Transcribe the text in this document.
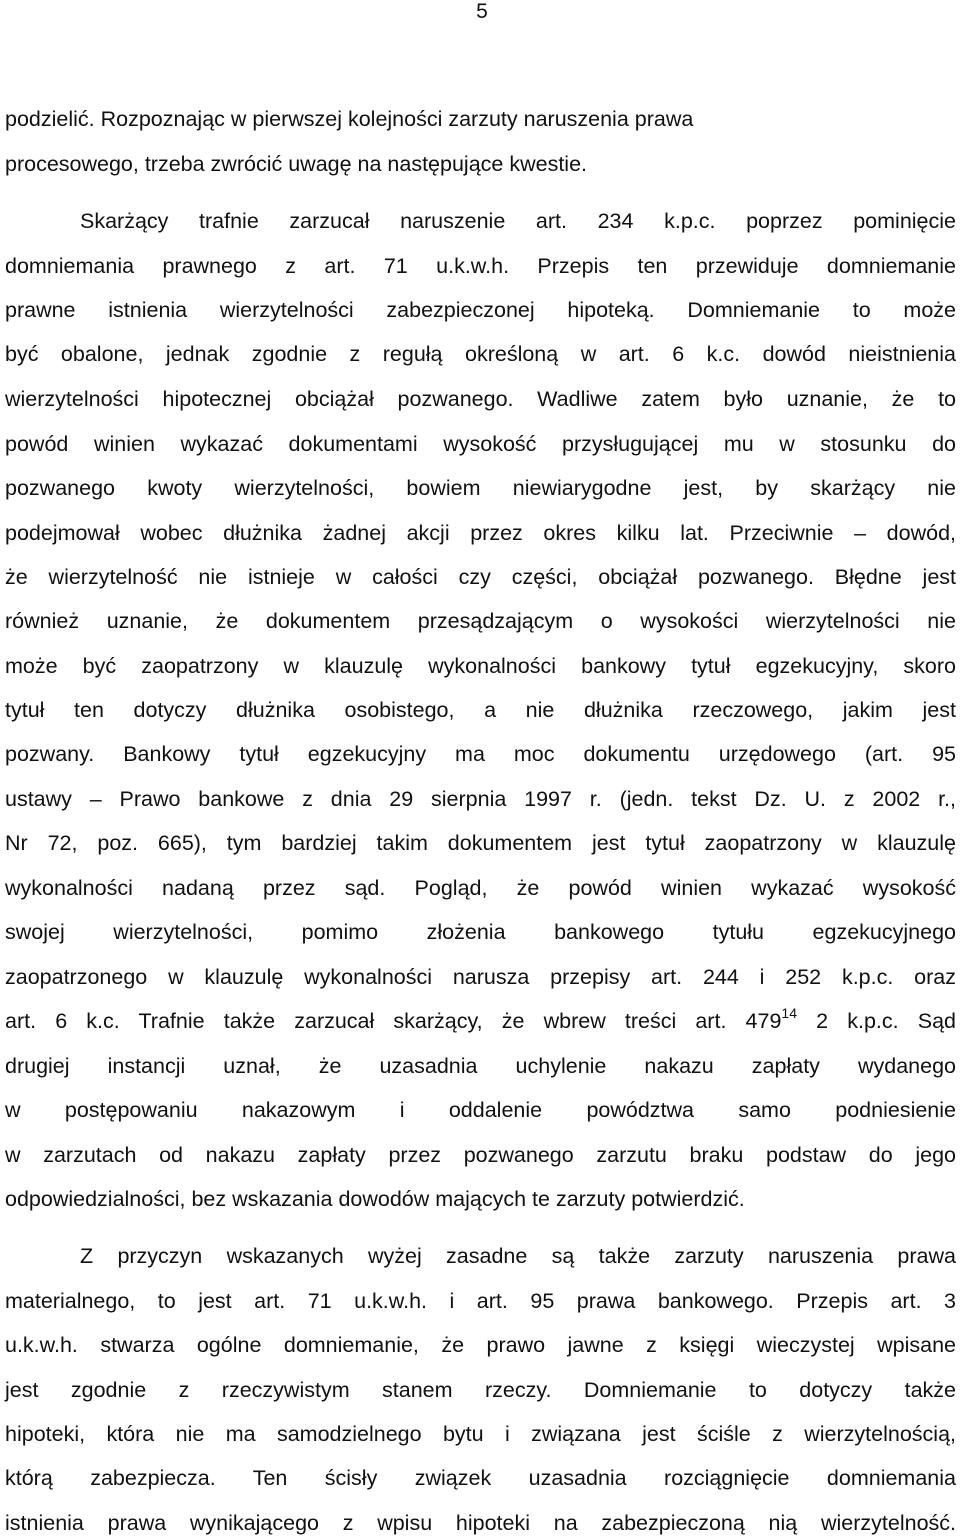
5
podzielić. Rozpoznając w pierwszej kolejności zarzuty naruszenia prawa
procesowego, trzeba zwrócić uwagę na następujące kwestie.
Skarżący trafnie zarzucał naruszenie art. 234 k.p.c. poprzez pominięcie
domniemania prawnego z art. 71 u.k.w.h. Przepis ten przewiduje domniemanie
prawne istnienia wierzytelności zabezpieczonej hipoteką. Domniemanie to może
być obalone, jednak zgodnie z regułą określoną w art. 6 k.c. dowód nieistnienia
wierzytelności hipotecznej obciążał pozwanego. Wadliwe zatem było uznanie, że to
powód winien wykazać dokumentami wysokość przysługującej mu w stosunku do
pozwanego kwoty wierzytelności, bowiem niewiarygodne jest, by skarżący nie
podejmował wobec dłużnika żadnej akcji przez okres kilku lat. Przeciwnie – dowód,
że wierzytelność nie istnieje w całości czy części, obciążał pozwanego. Błędne jest
również uznanie, że dokumentem przesądzającym o wysokości wierzytelności nie
może być zaopatrzony w klauzulę wykonalności bankowy tytuł egzekucyjny, skoro
tytuł ten dotyczy dłużnika osobistego, a nie dłużnika rzeczowego, jakim jest
pozwany. Bankowy tytuł egzekucyjny ma moc dokumentu urzędowego (art. 95
ustawy – Prawo bankowe z dnia 29 sierpnia 1997 r. (jedn. tekst Dz. U. z 2002 r.,
Nr 72, poz. 665), tym bardziej takim dokumentem jest tytuł zaopatrzony w klauzulę
wykonalności nadaną przez sąd. Pogląd, że powód winien wykazać wysokość
swojej wierzytelności, pomimo złożenia bankowego tytułu egzekucyjnego
zaopatrzonego w klauzulę wykonalności narusza przepisy art. 244 i 252 k.p.c. oraz
art. 6 k.c. Trafnie także zarzucał skarżący, że wbrew treści art. $479^{14}$ 2 k.p.c. Sąd
drugiej instancji uznał, że uzasadnia uchylenie nakazu zapłaty wydanego
w postępowaniu nakazowym i oddalenie powództwa samo podniesienie
w zarzutach od nakazu zapłaty przez pozwanego zarzutu braku podstaw do jego
odpowiedzialności, bez wskazania dowodów mających te zarzuty potwierdzić.
Z przyczyn wskazanych wyżej zasadne są także zarzuty naruszenia prawa
materialnego, to jest art. 71 u.k.w.h. i art. 95 prawa bankowego. Przepis art. 3
u.k.w.h. stwarza ogólne domniemanie, że prawo jawne z księgi wieczystej wpisane
jest zgodnie z rzeczywistym stanem rzeczy. Domniemanie to dotyczy także
hipoteki, która nie ma samodzielnego bytu i związana jest ściśle z wierzytelnością,
którą zabezpiecza. Ten ścisły związek uzasadnia rozciągnięcie domniemania
istnienia prawa wynikającego z wpisu hipoteki na zabezpieczoną nią wierzytelność.
